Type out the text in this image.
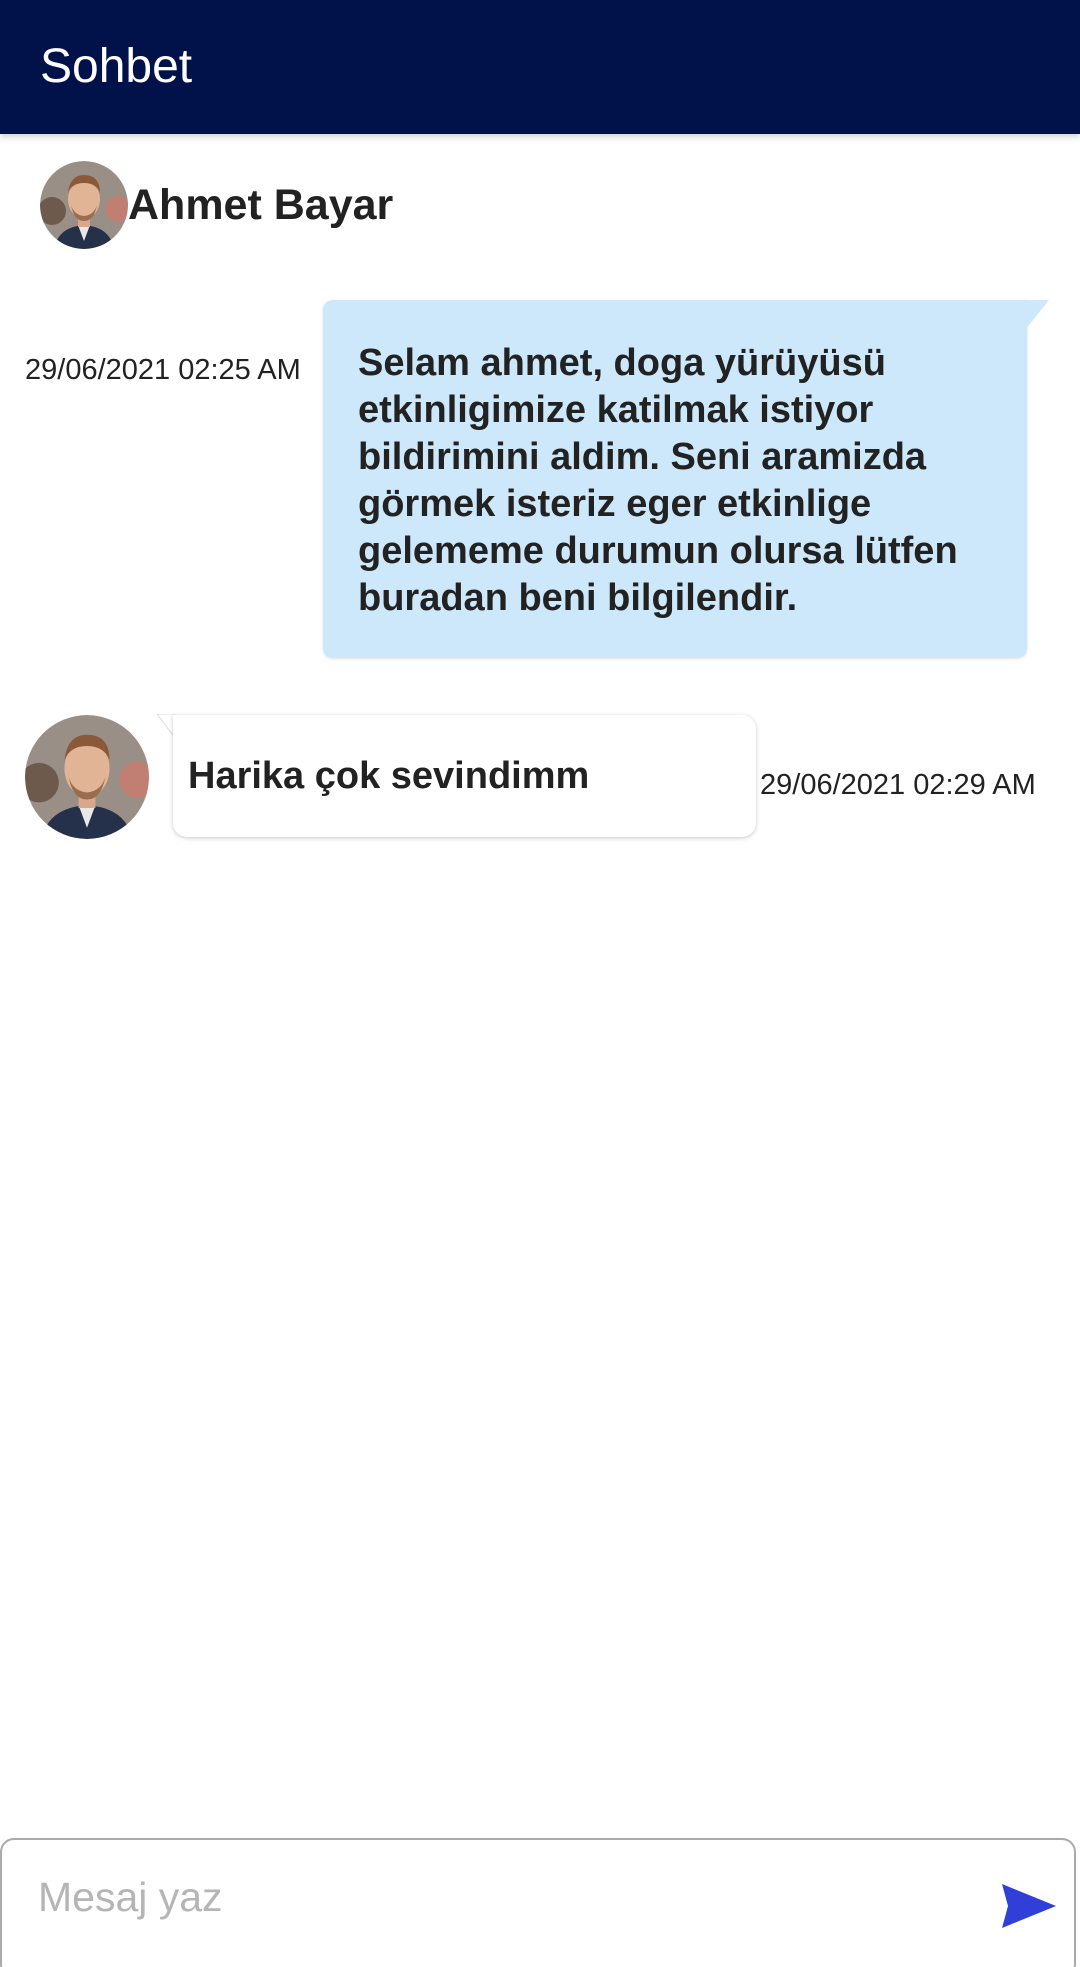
Sohbet
Ahmet Bayar
29/06/2021 02:25 AM Selam ahmet, doga yürüyüsü etkinligimize katilmak istiyor bildirimini aldim. Seni aramizda görmek isteriz eger etkinlige gelememe durumun olursa lütfen buradan beni bilgilendir.
Harika çok sevindimm	29/06/2021 02:29 AM
Mesaj yaz
